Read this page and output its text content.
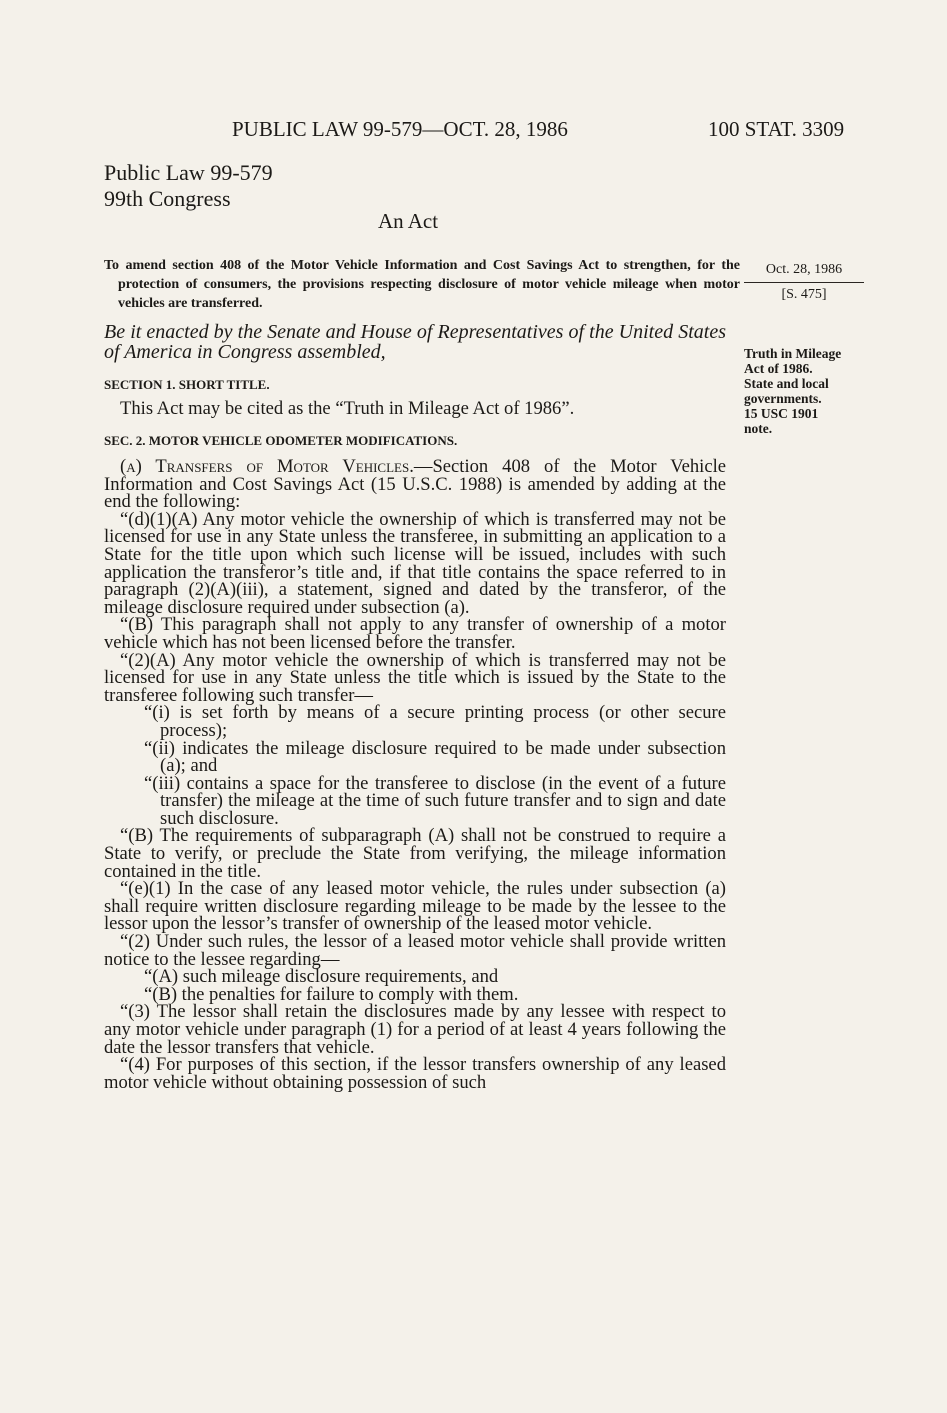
PUBLIC LAW 99-579—OCT. 28, 1986	100 STAT. 3309
Public Law 99-579
99th Congress
An Act
To amend section 408 of the Motor Vehicle Information and Cost Savings Act to strengthen, for the protection of consumers, the provisions respecting disclosure of motor vehicle mileage when motor vehicles are transferred.
Oct. 28, 1986
[S. 475]
Truth in Mileage
Act of 1986.
State and local
governments.
15 USC 1901
note.
Be it enacted by the Senate and House of Representatives of the United States of America in Congress assembled,
SECTION 1. SHORT TITLE.
This Act may be cited as the “Truth in Mileage Act of 1986”.
SEC. 2. MOTOR VEHICLE ODOMETER MODIFICATIONS.

(a) Transfers of Motor Vehicles.—Section 408 of the Motor Vehicle Information and Cost Savings Act (15 U.S.C. 1988) is amended by adding at the end the following:

“(d)(1)(A) Any motor vehicle the ownership of which is transferred may not be licensed for use in any State unless the transferee, in submitting an application to a State for the title upon which such license will be issued, includes with such application the transferor’s title and, if that title contains the space referred to in paragraph (2)(A)(iii), a statement, signed and dated by the transferor, of the mileage disclosure required under subsection (a).

“(B) This paragraph shall not apply to any transfer of ownership of a motor vehicle which has not been licensed before the transfer.

“(2)(A) Any motor vehicle the ownership of which is transferred may not be licensed for use in any State unless the title which is issued by the State to the transferee following such transfer—

“(i) is set forth by means of a secure printing process (or other secure process);

“(ii) indicates the mileage disclosure required to be made under subsection (a); and

“(iii) contains a space for the transferee to disclose (in the event of a future transfer) the mileage at the time of such future transfer and to sign and date such disclosure.

“(B) The requirements of subparagraph (A) shall not be construed to require a State to verify, or preclude the State from verifying, the mileage information contained in the title.

“(e)(1) In the case of any leased motor vehicle, the rules under subsection (a) shall require written disclosure regarding mileage to be made by the lessee to the lessor upon the lessor’s transfer of ownership of the leased motor vehicle.

“(2) Under such rules, the lessor of a leased motor vehicle shall provide written notice to the lessee regarding—

“(A) such mileage disclosure requirements, and

“(B) the penalties for failure to comply with them.

“(3) The lessor shall retain the disclosures made by any lessee with respect to any motor vehicle under paragraph (1) for a period of at least 4 years following the date the lessor transfers that vehicle.

“(4) For purposes of this section, if the lessor transfers ownership of any leased motor vehicle without obtaining possession of such
